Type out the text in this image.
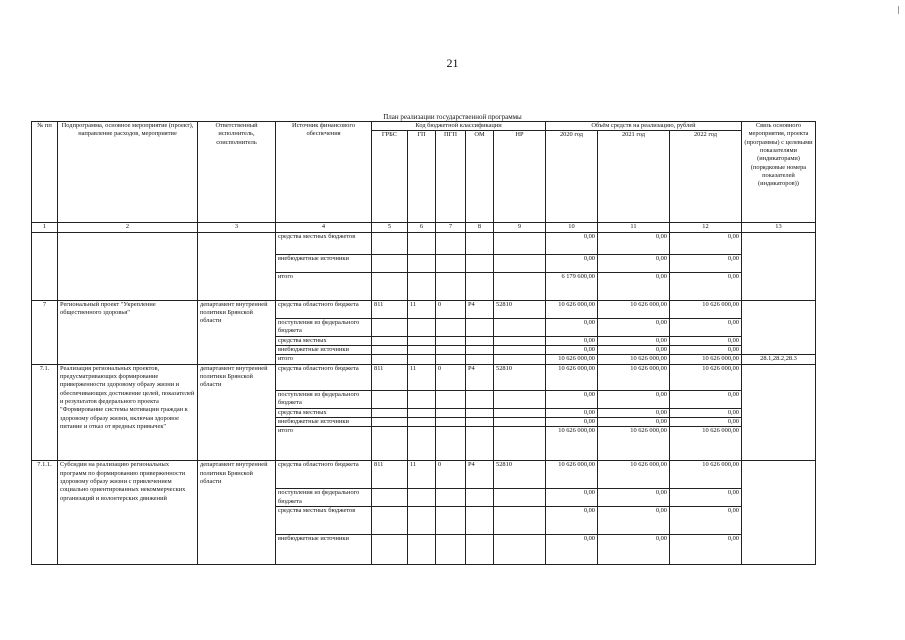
21
План реализации государственной программы
№ пп	Подпрограмма, основное мероприятие (проект), направление расходов, мероприятие	Ответственный исполнитель, соисполнитель	Источник финансового обеспечения	Код бюджетной классификации					Объём средств на реализацию, рублей			Связь основного мероприятия, проекта (программы) с целевыми показателями (индикаторами) (порядковые номера показателей (индикаторов))
				ГРБС	ГП	ПГП	ОМ	НР	2020 год	2021 год	2022 год	
1	2	3	4	5	6	7	8	9	10	11	12	13
			средства местных бюджетов						0,00	0,00	0,00	
			внебюджетные источники						0,00	0,00	0,00	
			итого						6 179 600,00	0,00	0,00	
7	Региональный проект "Укрепление общественного здоровья"	департамент внутренней политики Брянской области	средства областного бюджета	811	11	0	P4	52810	10 626 000,00	10 626 000,00	10 626 000,00	
			поступления из федерального бюджета						0,00	0,00	0,00	
			средства местных						0,00	0,00	0,00	
			внебюджетные источники						0,00	0,00	0,00	
			итого						10 626 000,00	10 626 000,00	10 626 000,00	28.1,28.2,28.3
7.1.	Реализация региональных проектов, предусматривающих формирование приверженности здоровому образу жизни и обеспечивающих достижение целей, показателей и результатов федерального проекта "Формирование системы мотивации граждан к здоровому образу жизни, включая здоровое питание и отказ от вредных привычек"	департамент внутренней политики Брянской области	средства областного бюджета	811	11	0	P4	52810	10 626 000,00	10 626 000,00	10 626 000,00	
			поступления из федерального бюджета						0,00	0,00	0,00	
			средства местных						0,00	0,00	0,00	
			внебюджетные источники						0,00	0,00	0,00	
			итого						10 626 000,00	10 626 000,00	10 626 000,00	
7.1.1.	Субсидии на реализацию региональных программ по формированию приверженности здоровому образу жизни с привлечением социально ориентированных некоммерческих организаций и волонтерских движений	департамент внутренней политики Брянской области	средства областного бюджета	811	11	0	P4	52810	10 626 000,00	10 626 000,00	10 626 000,00	
			поступления из федерального бюджета						0,00	0,00	0,00	
			средства местных бюджетов						0,00	0,00	0,00	
			внебюджетные источники						0,00	0,00	0,00	
